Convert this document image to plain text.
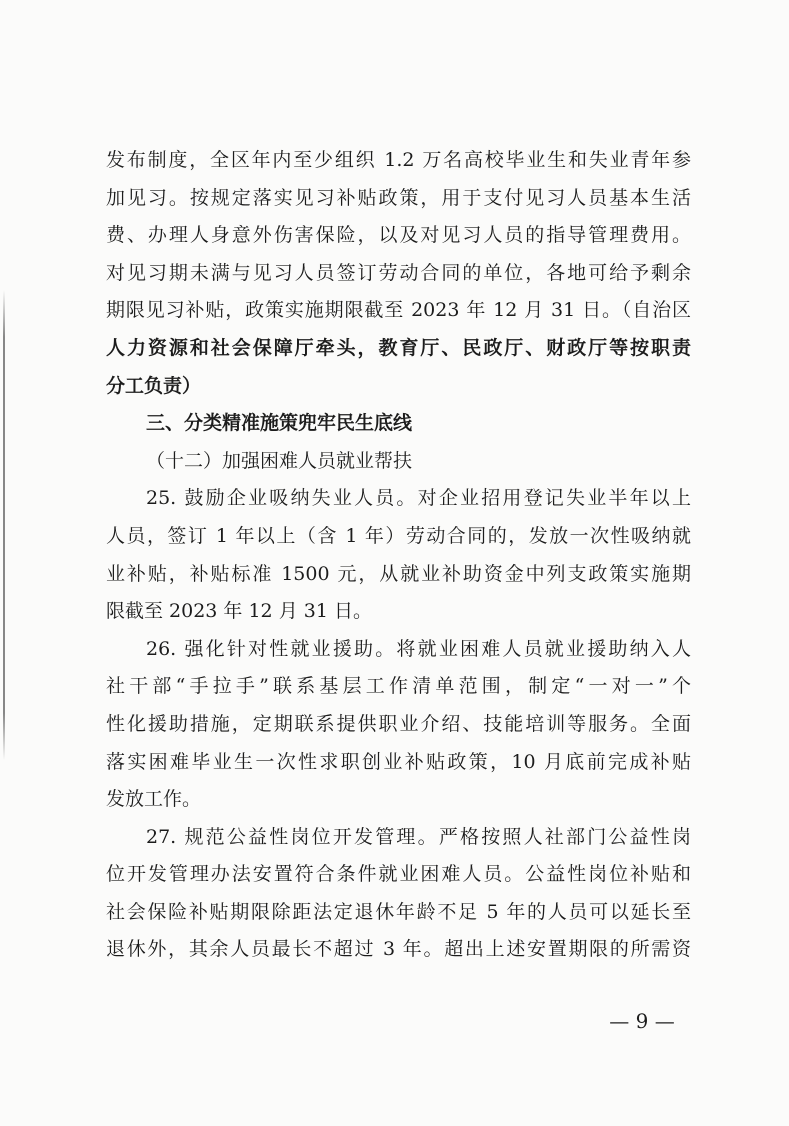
发布制度，全区年内至少组织 1.2 万名高校毕业生和失业青年参
加见习。按规定落实见习补贴政策，用于支付见习人员基本生活
费、办理人身意外伤害保险，以及对见习人员的指导管理费用。
对见习期未满与见习人员签订劳动合同的单位，各地可给予剩余
期限见习补贴，政策实施期限截至 2023 年 12 月 31 日。（自治区
人力资源和社会保障厅牵头，教育厅、民政厅、财政厅等按职责
分工负责）
三、分类精准施策兜牢民生底线
（十二）加强困难人员就业帮扶
25. 鼓励企业吸纳失业人员。对企业招用登记失业半年以上
人员，签订 1 年以上（含 1 年）劳动合同的，发放一次性吸纳就
业补贴，补贴标准 1500 元，从就业补助资金中列支政策实施期
限截至 2023 年 12 月 31 日。
26. 强化针对性就业援助。将就业困难人员就业援助纳入人
社干部“手拉手”联系基层工作清单范围，制定“一对一”个
性化援助措施，定期联系提供职业介绍、技能培训等服务。全面
落实困难毕业生一次性求职创业补贴政策，10 月底前完成补贴
发放工作。
27. 规范公益性岗位开发管理。严格按照人社部门公益性岗
位开发管理办法安置符合条件就业困难人员。公益性岗位补贴和
社会保险补贴期限除距法定退休年龄不足 5 年的人员可以延长至
退休外，其余人员最长不超过 3 年。超出上述安置期限的所需资
— 9 —
